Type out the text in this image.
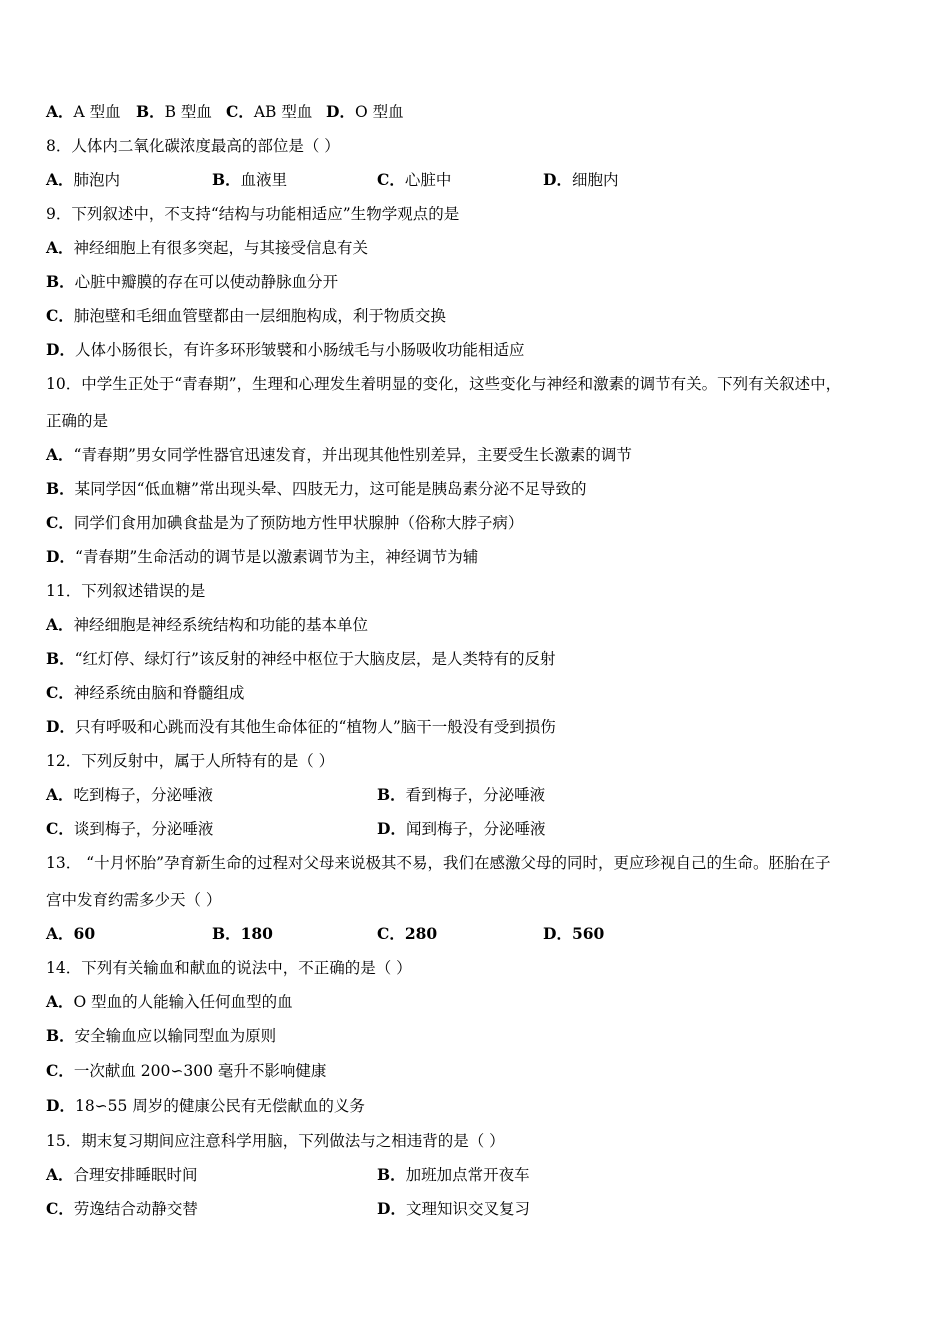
A．A 型血 B．B 型血 C．AB 型血 D．O 型血
8．人体内二氧化碳浓度最高的部位是（ ）
A．肺泡内	B．血液里	C．心脏中	D．细胞内
9．下列叙述中，不支持“结构与功能相适应”生物学观点的是
A．神经细胞上有很多突起，与其接受信息有关
B．心脏中瓣膜的存在可以使动静脉血分开
C．肺泡壁和毛细血管壁都由一层细胞构成，利于物质交换
D．人体小肠很长，有许多环形皱襞和小肠绒毛与小肠吸收功能相适应
10．中学生正处于“青春期”，生理和心理发生着明显的变化，这些变化与神经和激素的调节有关。下列有关叙述中，
正确的是
A．“青春期”男女同学性器官迅速发育，并出现其他性别差异，主要受生长激素的调节
B．某同学因“低血糖”常出现头晕、四肢无力，这可能是胰岛素分泌不足导致的
C．同学们食用加碘食盐是为了预防地方性甲状腺肿（俗称大脖子病）
D．“青春期”生命活动的调节是以激素调节为主，神经调节为辅
11．下列叙述错误的是
A．神经细胞是神经系统结构和功能的基本单位
B．“红灯停、绿灯行”该反射的神经中枢位于大脑皮层，是人类特有的反射
C．神经系统由脑和脊髓组成
D．只有呼吸和心跳而没有其他生命体征的“植物人”脑干一般没有受到损伤
12．下列反射中，属于人所特有的是（ ）
A．吃到梅子，分泌唾液	B．看到梅子，分泌唾液
C．谈到梅子，分泌唾液	D．闻到梅子，分泌唾液
13． “十月怀胎”孕育新生命的过程对父母来说极其不易，我们在感激父母的同时，更应珍视自己的生命。胚胎在子
宫中发育约需多少天（ ）
A．60	B．180	C．280	D．560
14．下列有关输血和献血的说法中，不正确的是（ ）
A．O 型血的人能输入任何血型的血
B．安全输血应以输同型血为原则
C．一次献血 200∽300 毫升不影响健康
D．18∽55 周岁的健康公民有无偿献血的义务
15．期末复习期间应注意科学用脑，下列做法与之相违背的是（ ）
A．合理安排睡眠时间	B．加班加点常开夜车
C．劳逸结合动静交替	D．文理知识交叉复习
